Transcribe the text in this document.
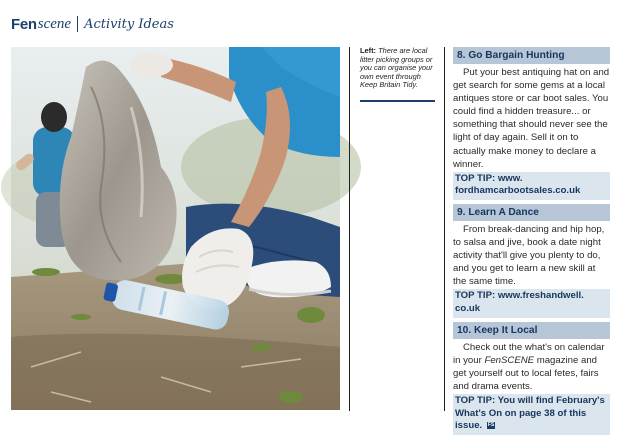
Fen scene Activity Ideas
Left: There are local litter picking groups or you can organise your own event through Keep Britain Tidy.
8. Go Bargain Hunting

Put your best antiquing hat on and get search for some gems at a local antiques store or car boot sales. You could find a hidden treasure... or something that should never see the light of day again. Sell it on to actually make money to declare a winner.

TOP TIP: www. fordhamcarbootsales.co.uk
9. Learn A Dance

From break-dancing and hip hop, to salsa and jive, book a date night activity that'll give you plenty to do, and you get to learn a new skill at the same time.

TOP TIP: www.freshandwell. co.uk
10. Keep It Local

Check out the what's on calendar in your FenSCENE magazine and get yourself out to local fetes, fairs and drama events.

TOP TIP: You will find February's What's On on page 38 of this issue. FS
